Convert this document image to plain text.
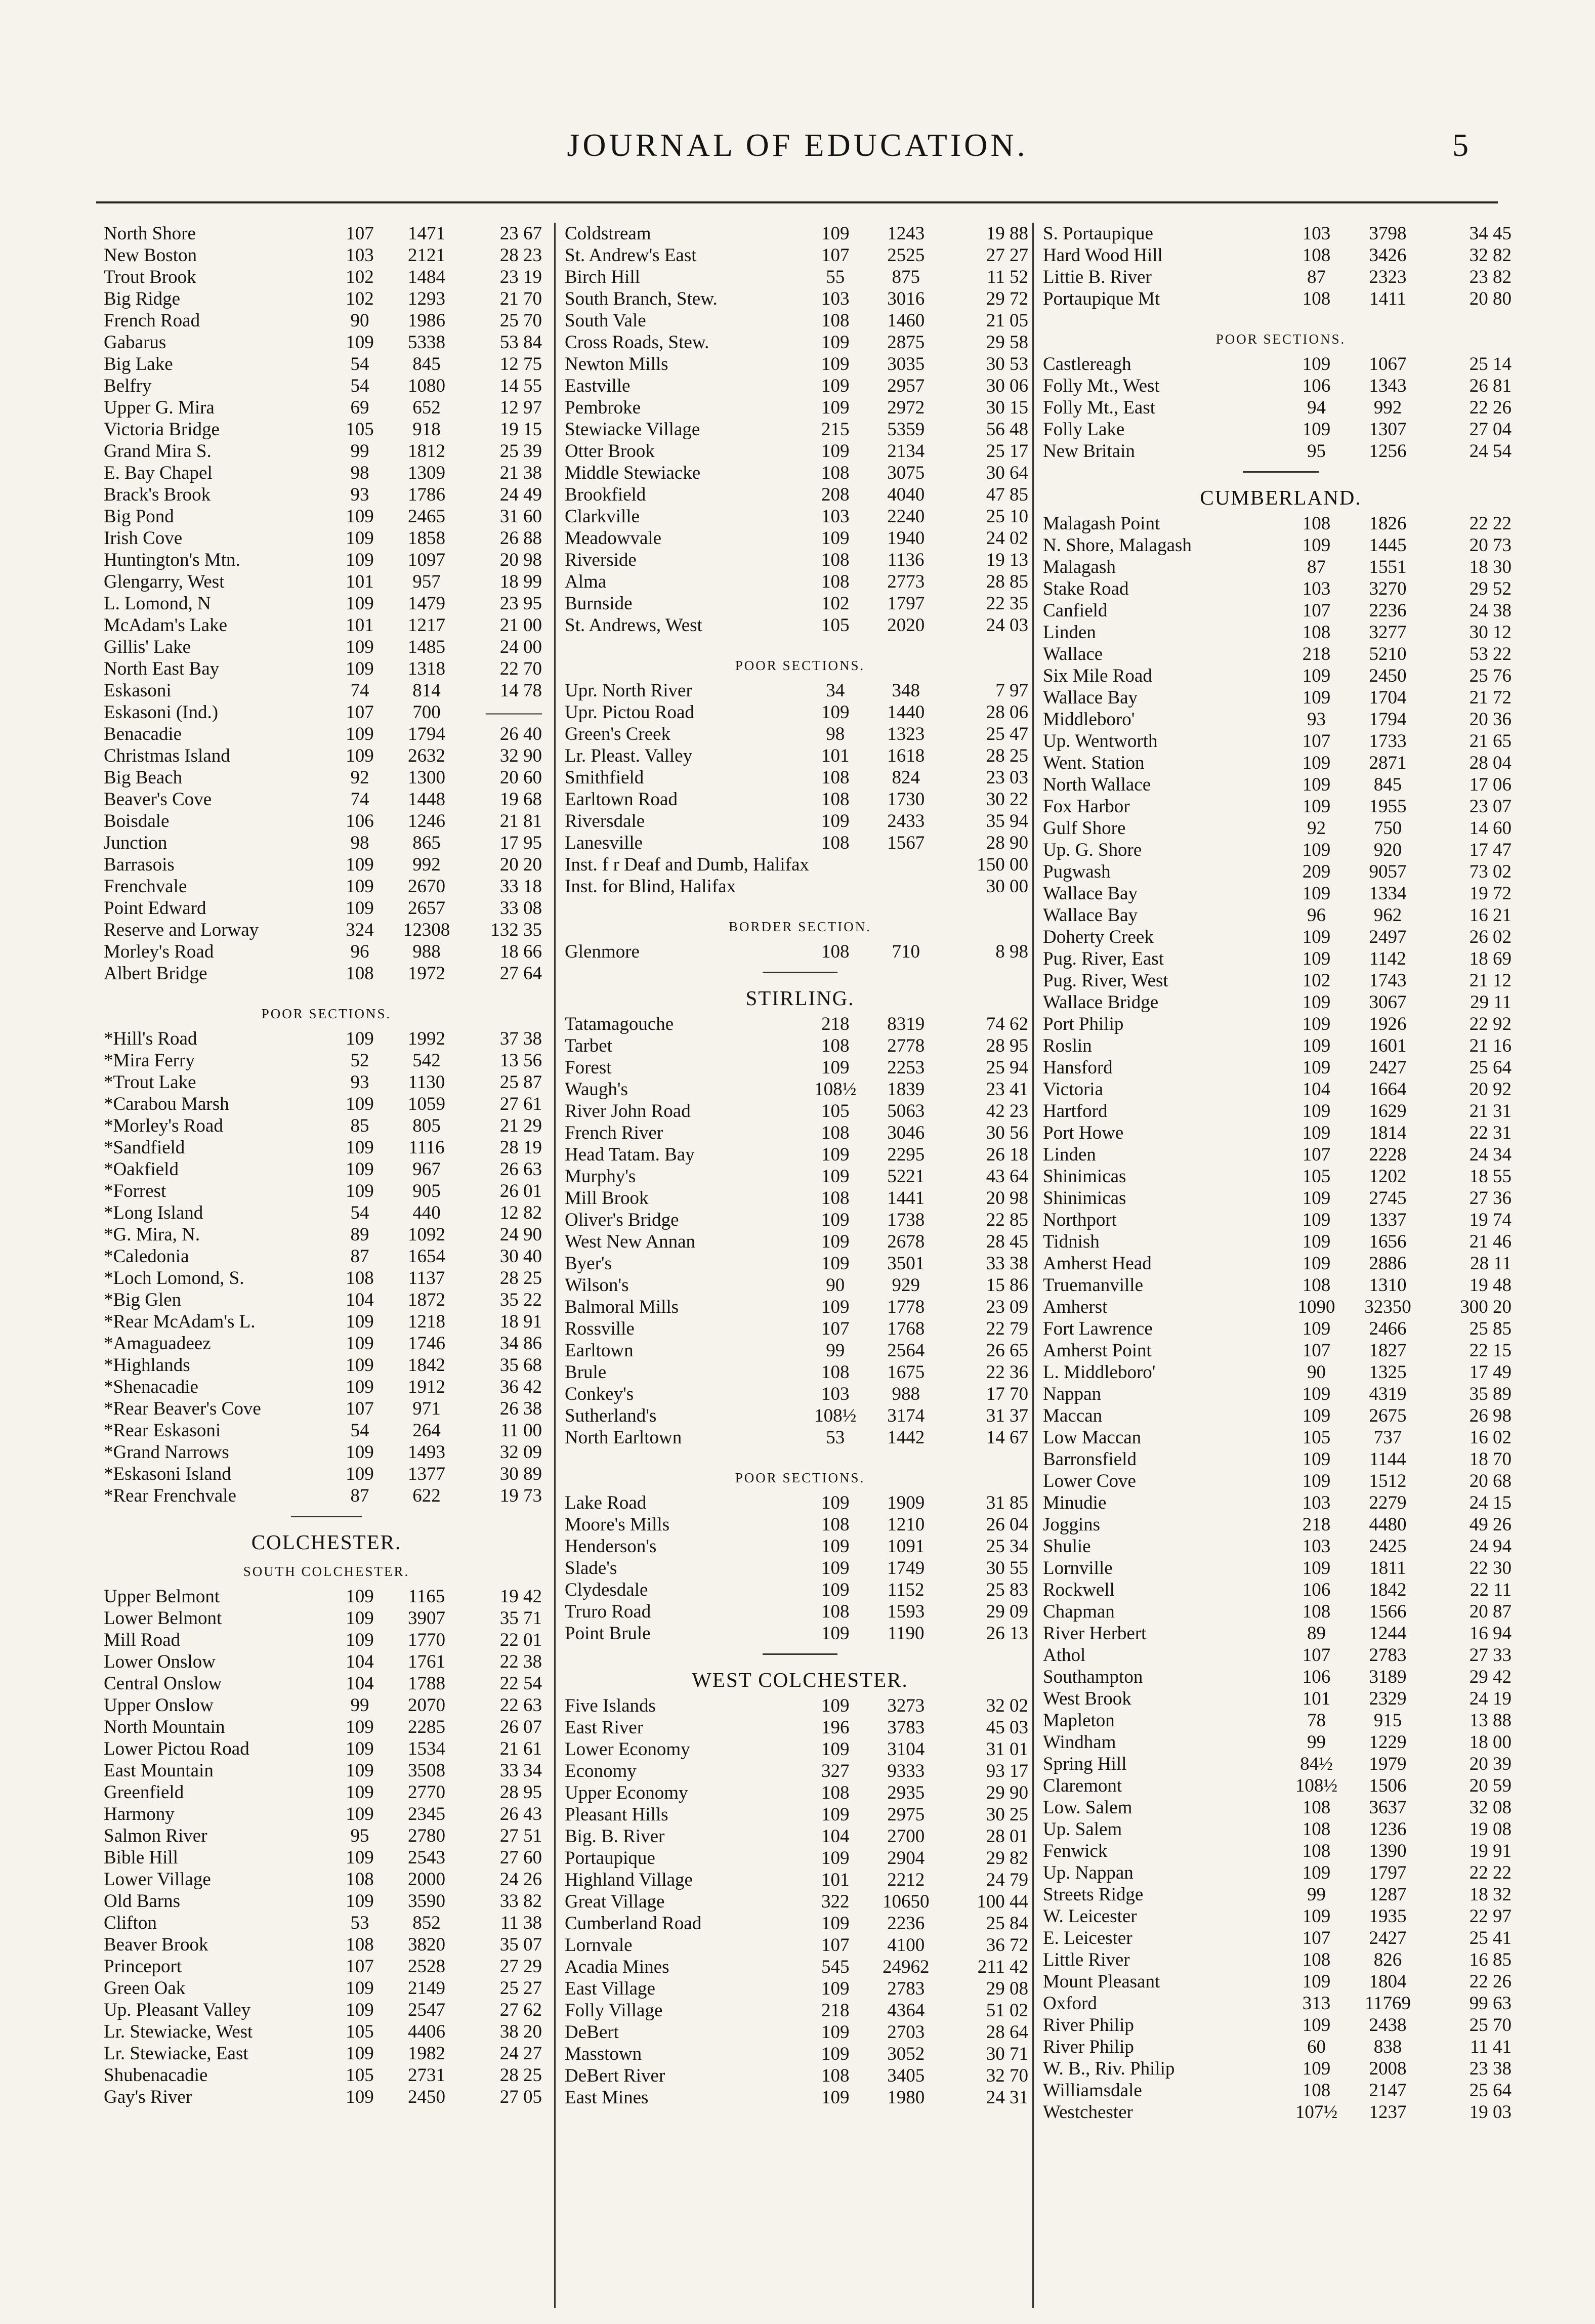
JOURNAL OF EDUCATION.	5
North Shore	107	1471	23 67
New Boston	103	2121	28 23
Trout Brook	102	1484	23 19
Big Ridge	102	1293	21 70
French Road	90	1986	25 70
Gabarus	109	5338	53 84
Big Lake	54	845	12 75
Belfry	54	1080	14 55
Upper G. Mira	69	652	12 97
Victoria Bridge	105	918	19 15
Grand Mira S.	99	1812	25 39
E. Bay Chapel	98	1309	21 38
Brack's Brook	93	1786	24 49
Big Pond	109	2465	31 60
Irish Cove	109	1858	26 88
Huntington's Mtn.	109	1097	20 98
Glengarry, West	101	957	18 99
L. Lomond, N	109	1479	23 95
McAdam's Lake	101	1217	21 00
Gillis' Lake	109	1485	24 00
North East Bay	109	1318	22 70
Eskasoni	74	814	14 78
Eskasoni (Ind.)	107	700	———
Benacadie	109	1794	26 40
Christmas Island	109	2632	32 90
Big Beach	92	1300	20 60
Beaver's Cove	74	1448	19 68
Boisdale	106	1246	21 81
Junction	98	865	17 95
Barrasois	109	992	20 20
Frenchvale	109	2670	33 18
Point Edward	109	2657	33 08
Reserve and Lorway	324	12308	132 35
Morley's Road	96	988	18 66
Albert Bridge	108	1972	27 64
POOR SECTIONS.
*Hill's Road	109	1992	37 38
*Mira Ferry	52	542	13 56
*Trout Lake	93	1130	25 87
*Carabou Marsh	109	1059	27 61
*Morley's Road	85	805	21 29
*Sandfield	109	1116	28 19
*Oakfield	109	967	26 63
*Forrest	109	905	26 01
*Long Island	54	440	12 82
*G. Mira, N.	89	1092	24 90
*Caledonia	87	1654	30 40
*Loch Lomond, S.	108	1137	28 25
*Big Glen	104	1872	35 22
*Rear McAdam's L.	109	1218	18 91
*Amaguadeez	109	1746	34 86
*Highlands	109	1842	35 68
*Shenacadie	109	1912	36 42
*Rear Beaver's Cove	107	971	26 38
*Rear Eskasoni	54	264	11 00
*Grand Narrows	109	1493	32 09
*Eskasoni Island	109	1377	30 89
*Rear Frenchvale	87	622	19 73
COLCHESTER.
SOUTH COLCHESTER.
Upper Belmont	109	1165	19 42
Lower Belmont	109	3907	35 71
Mill Road	109	1770	22 01
Lower Onslow	104	1761	22 38
Central Onslow	104	1788	22 54
Upper Onslow	99	2070	22 63
North Mountain	109	2285	26 07
Lower Pictou Road	109	1534	21 61
East Mountain	109	3508	33 34
Greenfield	109	2770	28 95
Harmony	109	2345	26 43
Salmon River	95	2780	27 51
Bible Hill	109	2543	27 60
Lower Village	108	2000	24 26
Old Barns	109	3590	33 82
Clifton	53	852	11 38
Beaver Brook	108	3820	35 07
Princeport	107	2528	27 29
Green Oak	109	2149	25 27
Up. Pleasant Valley	109	2547	27 62
Lr. Stewiacke, West	105	4406	38 20
Lr. Stewiacke, East	109	1982	24 27
Shubenacadie	105	2731	28 25
Gay's River	109	2450	27 05
Coldstream	109	1243	19 88
St. Andrew's East	107	2525	27 27
Birch Hill	55	875	11 52
South Branch, Stew.	103	3016	29 72
South Vale	108	1460	21 05
Cross Roads, Stew.	109	2875	29 58
Newton Mills	109	3035	30 53
Eastville	109	2957	30 06
Pembroke	109	2972	30 15
Stewiacke Village	215	5359	56 48
Otter Brook	109	2134	25 17
Middle Stewiacke	108	3075	30 64
Brookfield	208	4040	47 85
Clarkville	103	2240	25 10
Meadowvale	109	1940	24 02
Riverside	108	1136	19 13
Alma	108	2773	28 85
Burnside	102	1797	22 35
St. Andrews, West	105	2020	24 03
POOR SECTIONS.
Upr. North River	34	348	7 97
Upr. Pictou Road	109	1440	28 06
Green's Creek	98	1323	25 47
Lr. Pleast. Valley	101	1618	28 25
Smithfield	108	824	23 03
Earltown Road	108	1730	30 22
Riversdale	109	2433	35 94
Lanesville	108	1567	28 90
Inst. f r Deaf and Dumb, Halifax	150 00
Inst. for Blind, Halifax	30 00
BORDER SECTION.
Glenmore	108	710	8 98
STIRLING.
Tatamagouche	218	8319	74 62
Tarbet	108	2778	28 95
Forest	109	2253	25 94
Waugh's	108½	1839	23 41
River John Road	105	5063	42 23
French River	108	3046	30 56
Head Tatam. Bay	109	2295	26 18
Murphy's	109	5221	43 64
Mill Brook	108	1441	20 98
Oliver's Bridge	109	1738	22 85
West New Annan	109	2678	28 45
Byer's	109	3501	33 38
Wilson's	90	929	15 86
Balmoral Mills	109	1778	23 09
Rossville	107	1768	22 79
Earltown	99	2564	26 65
Brule	108	1675	22 36
Conkey's	103	988	17 70
Sutherland's	108½	3174	31 37
North Earltown	53	1442	14 67
POOR SECTIONS.
Lake Road	109	1909	31 85
Moore's Mills	108	1210	26 04
Henderson's	109	1091	25 34
Slade's	109	1749	30 55
Clydesdale	109	1152	25 83
Truro Road	108	1593	29 09
Point Brule	109	1190	26 13
WEST COLCHESTER.
Five Islands	109	3273	32 02
East River	196	3783	45 03
Lower Economy	109	3104	31 01
Economy	327	9333	93 17
Upper Economy	108	2935	29 90
Pleasant Hills	109	2975	30 25
Big. B. River	104	2700	28 01
Portaupique	109	2904	29 82
Highland Village	101	2212	24 79
Great Village	322	10650	100 44
Cumberland Road	109	2236	25 84
Lornvale	107	4100	36 72
Acadia Mines	545	24962	211 42
East Village	109	2783	29 08
Folly Village	218	4364	51 02
DeBert	109	2703	28 64
Masstown	109	3052	30 71
DeBert River	108	3405	32 70
East Mines	109	1980	24 31
S. Portaupique	103	3798	34 45
Hard Wood Hill	108	3426	32 82
Littie B. River	87	2323	23 82
Portaupique Mt	108	1411	20 80
POOR SECTIONS.
Castlereagh	109	1067	25 14
Folly Mt., West	106	1343	26 81
Folly Mt., East	94	992	22 26
Folly Lake	109	1307	27 04
New Britain	95	1256	24 54
CUMBERLAND.
Malagash Point	108	1826	22 22
N. Shore, Malagash	109	1445	20 73
Malagash	87	1551	18 30
Stake Road	103	3270	29 52
Canfield	107	2236	24 38
Linden	108	3277	30 12
Wallace	218	5210	53 22
Six Mile Road	109	2450	25 76
Wallace Bay	109	1704	21 72
Middleboro'	93	1794	20 36
Up. Wentworth	107	1733	21 65
Went. Station	109	2871	28 04
North Wallace	109	845	17 06
Fox Harbor	109	1955	23 07
Gulf Shore	92	750	14 60
Up. G. Shore	109	920	17 47
Pugwash	209	9057	73 02
Wallace Bay	109	1334	19 72
Wallace Bay	96	962	16 21
Doherty Creek	109	2497	26 02
Pug. River, East	109	1142	18 69
Pug. River, West	102	1743	21 12
Wallace Bridge	109	3067	29 11
Port Philip	109	1926	22 92
Roslin	109	1601	21 16
Hansford	109	2427	25 64
Victoria	104	1664	20 92
Hartford	109	1629	21 31
Port Howe	109	1814	22 31
Linden	107	2228	24 34
Shinimicas	105	1202	18 55
Shinimicas	109	2745	27 36
Northport	109	1337	19 74
Tidnish	109	1656	21 46
Amherst Head	109	2886	28 11
Truemanville	108	1310	19 48
Amherst	1090	32350	300 20
Fort Lawrence	109	2466	25 85
Amherst Point	107	1827	22 15
L. Middleboro'	90	1325	17 49
Nappan	109	4319	35 89
Maccan	109	2675	26 98
Low Maccan	105	737	16 02
Barronsfield	109	1144	18 70
Lower Cove	109	1512	20 68
Minudie	103	2279	24 15
Joggins	218	4480	49 26
Shulie	103	2425	24 94
Lornville	109	1811	22 30
Rockwell	106	1842	22 11
Chapman	108	1566	20 87
River Herbert	89	1244	16 94
Athol	107	2783	27 33
Southampton	106	3189	29 42
West Brook	101	2329	24 19
Mapleton	78	915	13 88
Windham	99	1229	18 00
Spring Hill	84½	1979	20 39
Claremont	108½	1506	20 59
Low. Salem	108	3637	32 08
Up. Salem	108	1236	19 08
Fenwick	108	1390	19 91
Up. Nappan	109	1797	22 22
Streets Ridge	99	1287	18 32
W. Leicester	109	1935	22 97
E. Leicester	107	2427	25 41
Little River	108	826	16 85
Mount Pleasant	109	1804	22 26
Oxford	313	11769	99 63
River Philip	109	2438	25 70
River Philip	60	838	11 41
W. B., Riv. Philip	109	2008	23 38
Williamsdale	108	2147	25 64
Westchester	107½	1237	19 03
